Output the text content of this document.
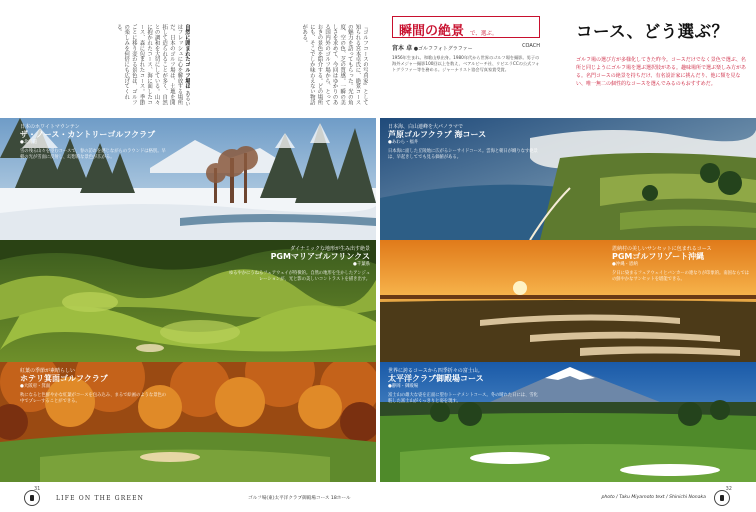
自然に囲まれたゴルフ場は あるいはフレッシュに心を解放する場所だ。日本のゴルフ場は、土地を開拓して造られることが多く、自然との調和を大切にしている。山々に抱かれたコース、海に面したコース、森に包まれたコース。季節ごとに移り変わる景色は、ゴルフの楽しみを何倍にも広げてくれる。	『ゴルフコースの写真家』として知られる宮本卓氏に、絶景コースの魅力を語ってもらった。光の角度、空の色、芝の質感。一瞬の美しさを求めて、今回はゆかりのある国内外のゴルフ場から、とっておきの景色を紹介する。どの場所にも、そこでしか味わえない物語がある。	瞬間の絶景 で、選ぶ。
宮本 卓 ●ゴルフフォトグラファー	COACH
1956年生まれ。和歌山県出身。1980年代から世界のゴルフ場を撮影。男子の海外メジャー撮影100回以上を数え、ベアルピーチ社、リビエラCCの公式フォトグラファー等を務める。ジャーナリスト協会写真家賞受賞。
コース、どう選ぶ？

ゴルフ場の選び方が多様化してきた昨今。コースだけでなく景色で選ぶ、名所と同じようにゴルフ場を選ぶ選択肢がある。趣味場所で選ぶ楽しみ方がある。名門コースの絶景を持ちだけ、有名設計家に挑んだり、他に類を見ない、唯一無二の個性的なコースを選んでみるのもおすすめだ。

日本のホワイトマウンテン
ザ・ノース・カントリーゴルフクラブ
●北海道
雪の残る山々を望むコースで、春の訪れを感じながらのラウンドは格別。早朝の光が雪面に反射し、幻想的な景色が広がる。
ダイナミックな地形が生み出す絶景
PGMマリアゴルフリンクス
●千葉県
ゆるやかにうねるフェアウェイが特徴的。自然の地形を生かしたアンジュレーションが、光と影の美しいコントラストを描き出す。
紅葉の季節が素晴らしい
ホテリ箕面ゴルフクラブ
●大阪府・箕面
秋になると色鮮やかな紅葉がコースを包み込み、まるで絵画のような景色の中でプレーすることができる。
日本海、白山連峰を大パノラマで
芦原ゴルフクラブ 海コース
●あわら・福井
日本海に面した丘陵地に広がるシーサイドコース。雲海と朝日が織りなす絶景は、早起きしてでも見る価値がある。
恩納村の美しいサンセットに包まれるコース
PGMゴルフリゾート沖縄
●沖縄・恩納
夕日に染まるフェアウェイとバンカーの連なりが印象的。南国ならではの鮮やかなサンセットを堪能できる。
世界に誇るコースから四季折々の富士山。
太平洋クラブ御殿場コース
●静岡・御殿場
富士山の雄大な姿を正面に望むトーナメントコース。冬の晴れた日には、雪化粧した富士山がくっきりと姿を現す。
31
LIFE ON THE GREEN	ゴルフ場(東)太平洋クラブ御殿場コース 18ホール	photo / Taku Miyamoto text / Shinichi Nonaka
32
